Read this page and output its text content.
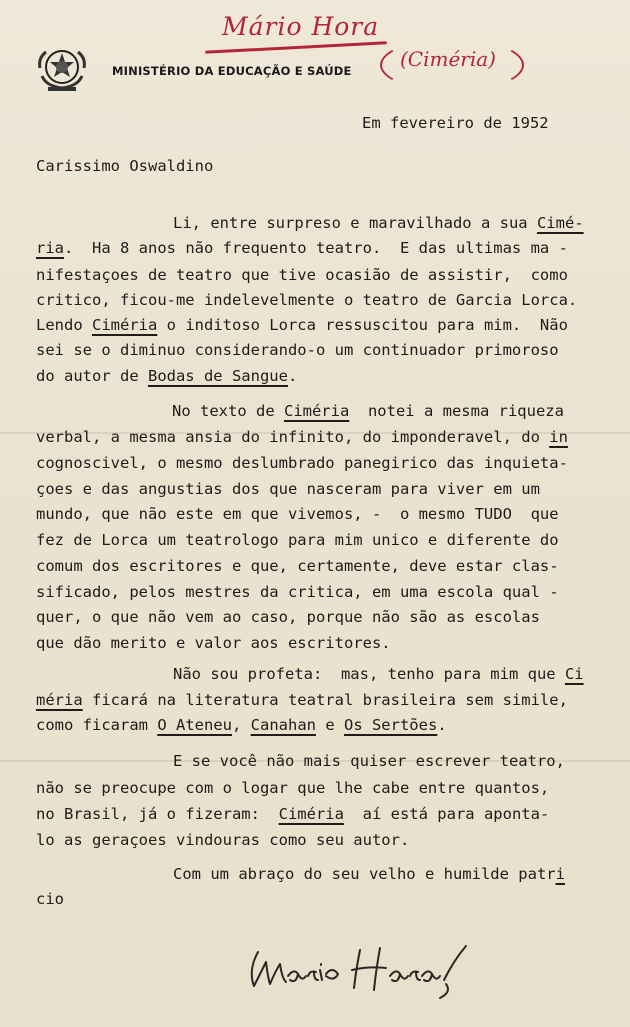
Mário Hora
(Ciméria)
MINISTÉRIO DA EDUCAÇÃO E SAÚDE
Em fevereiro de 1952
Carissimo Oswaldino
Li, entre surpreso e maravilhado a sua Cimé-
ria.  Ha 8 anos não frequento teatro.  E das ultimas ma -
nifestaçoes de teatro que tive ocasião de assistir,  como
critico, ficou-me indelevelmente o teatro de Garcia Lorca.
Lendo Ciméria o inditoso Lorca ressuscitou para mim.  Não
sei se o diminuo considerando-o um continuador primoroso
do autor de Bodas de Sangue.
No texto de Ciméria  notei a mesma riqueza
verbal, a mesma ansia do infinito, do imponderavel, do in
cognoscivel, o mesmo deslumbrado panegirico das inquieta-
çoes e das angustias dos que nasceram para viver em um
mundo, que não este em que vivemos, -  o mesmo TUDO  que
fez de Lorca um teatrologo para mim unico e diferente do
comum dos escritores e que, certamente, deve estar clas-
sificado, pelos mestres da critica, em uma escola qual -
quer, o que não vem ao caso, porque não são as escolas
que dão merito e valor aos escritores.
Não sou profeta:  mas, tenho para mim que Ci
méria ficará na literatura teatral brasileira sem simile,
como ficaram O Ateneu, Canahan e Os Sertões.
E se você não mais quiser escrever teatro,
não se preocupe com o logar que lhe cabe entre quantos,
no Brasil, já o fizeram:  Ciméria  aí está para aponta-
lo as geraçoes vindouras como seu autor.
Com um abraço do seu velho e humilde patri
cio
